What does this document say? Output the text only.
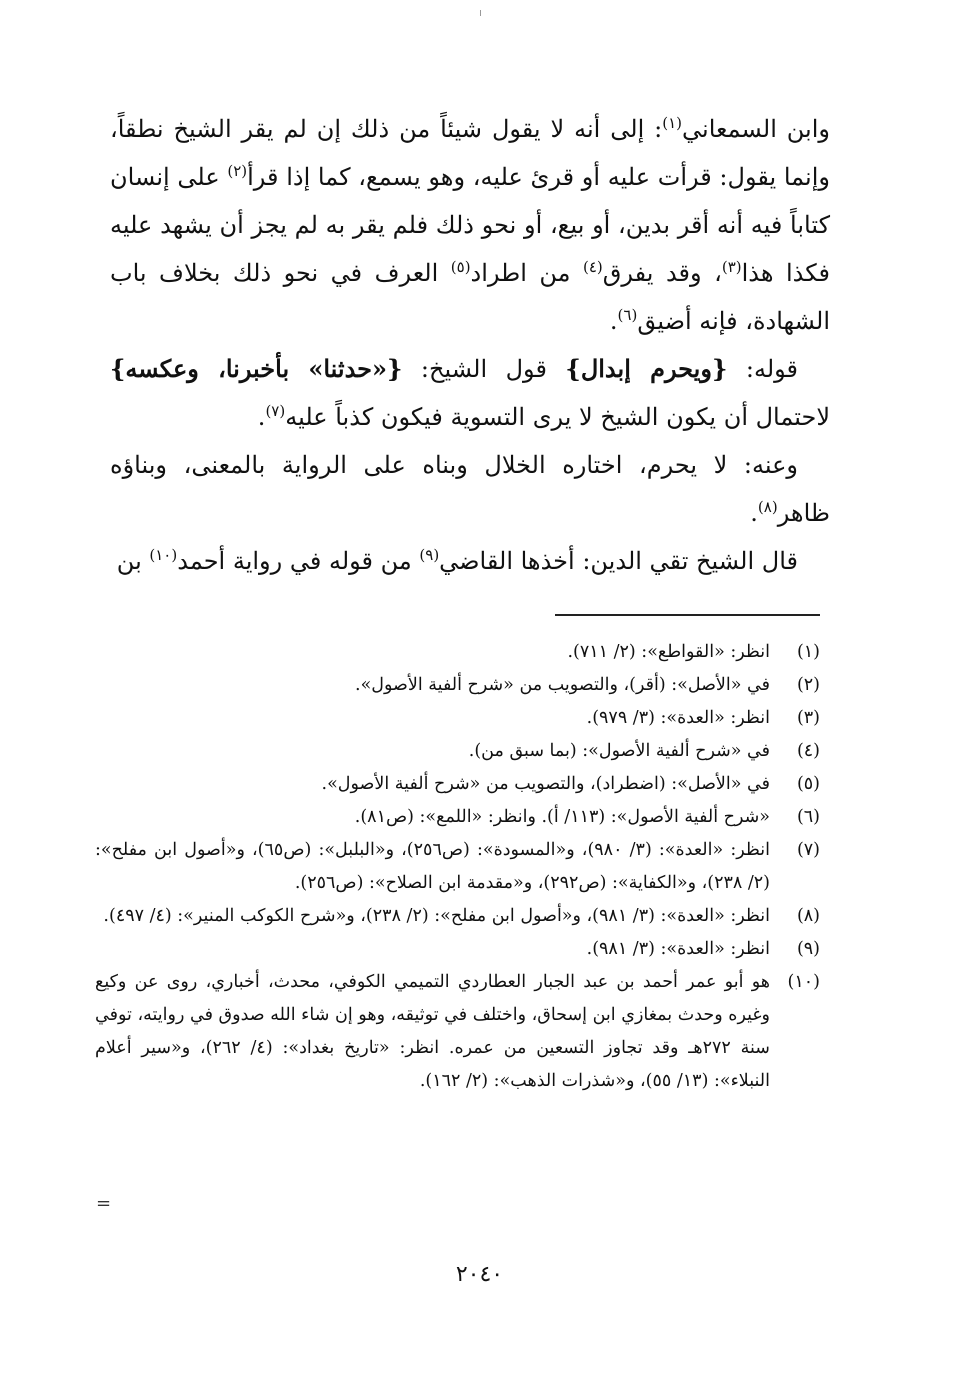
وابن السمعاني$^{(١)}$: إلى أنه لا يقول شيئاً من ذلك إن لم يقر الشيخ نطقاً، وإنما يقول: قرأت عليه أو قرئ عليه، وهو يسمع، كما إذا قرأ$^{(٢)}$ على إنسان كتاباً فيه أنه أقر بدين، أو بيع، أو نحو ذلك فلم يقر به لم يجز أن يشهد عليه فكذا هذا$^{(٣)}$، وقد يفرق$^{(٤)}$ من اطراد$^{(٥)}$ العرف في نحو ذلك بخلاف باب الشهادة، فإنه أضيق$^{(٦)}$.

قوله: {ويحرم إبدال} قول الشيخ: {«حدثنا» بأخبرنا، وعكسه} لاحتمال أن يكون الشيخ لا يرى التسوية فيكون كذباً عليه$^{(٧)}$.

وعنه: لا يحرم، اختاره الخلال وبناه على الرواية بالمعنى، وبناؤه ظاهر$^{(٨)}$.

قال الشيخ تقي الدين: أخذها القاضي$^{(٩)}$ من قوله في رواية أحمد$^{(١٠)}$ بن

(١)
انظر: «القواطع»: (٢/ ٧١١).
(٢)
في «الأصل»: (أقر)، والتصويب من «شرح ألفية الأصول».
(٣)
انظر: «العدة»: (٣/ ٩٧٩).
(٤)
في «شرح ألفية الأصول»: (بما سبق من).
(٥)
في «الأصل»: (اضطراد)، والتصويب من «شرح ألفية الأصول».
(٦)
«شرح ألفية الأصول»: (١١٣/ أ). وانظر: «اللمع»: (ص٨١).
(٧)
انظر: «العدة»: (٣/ ٩٨٠)، و«المسودة»: (ص٢٥٦)، و«البلبل»: (ص٦٥)، و«أصول ابن مفلح»: (٢/ ٢٣٨)، و«الكفاية»: (ص٢٩٢)، و«مقدمة ابن الصلاح»: (ص٢٥٦).
(٨)
انظر: «العدة»: (٣/ ٩٨١)، و«أصول ابن مفلح»: (٢/ ٢٣٨)، و«شرح الكوكب المنير»: (٤/ ٤٩٧).
(٩)
انظر: «العدة»: (٣/ ٩٨١).
(١٠)
هو أبو عمر أحمد بن عبد الجبار العطاردي التميمي الكوفي، محدث، أخباري، روى عن وكيع وغيره وحدث بمغازي ابن إسحاق، واختلف في توثيقه، وهو إن شاء الله صدوق في روايته، توفي سنة ٢٧٢هـ وقد تجاوز التسعين من عمره. انظر: «تاريخ بغداد»: (٤/ ٢٦٢)، و«سير أعلام النبلاء»: (١٣/ ٥٥)، و«شذرات الذهب»: (٢/ ١٦٢).
=
٢٠٤٠
